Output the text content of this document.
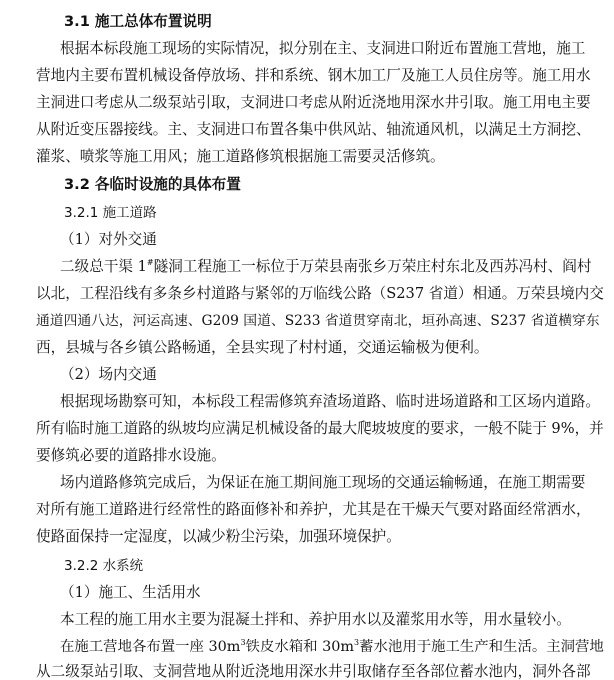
3.1 施工总体布置说明
根据本标段施工现场的实际情况，拟分别在主、支洞进口附近布置施工营地，施工
营地内主要布置机械设备停放场、拌和系统、钢木加工厂及施工人员住房等。施工用水
主洞进口考虑从二级泵站引取，支洞进口考虑从附近浇地用深水井引取。施工用电主要
从附近变压器接线。主、支洞进口布置各集中供风站、轴流通风机，以满足土方洞挖、
灌浆、喷浆等施工用风；施工道路修筑根据施工需要灵活修筑。
3.2 各临时设施的具体布置
3.2.1 施工道路
（1）对外交通
二级总干渠 1#隧洞工程施工一标位于万荣县南张乡万荣庄村东北及西苏冯村、阎村
以北，工程沿线有多条乡村道路与紧邻的万临线公路（S237 省道）相通。万荣县境内交
通道四通八达，河运高速、G209 国道、S233 省道贯穿南北，垣孙高速、S237 省道横穿东
西，县城与各乡镇公路畅通，全县实现了村村通，交通运输极为便利。
（2）场内交通
根据现场勘察可知，本标段工程需修筑弃渣场道路、临时进场道路和工区场内道路。
所有临时施工道路的纵坡均应满足机械设备的最大爬坡坡度的要求，一般不陡于 9%，并
要修筑必要的道路排水设施。
场内道路修筑完成后，为保证在施工期间施工现场的交通运输畅通，在施工期需要
对所有施工道路进行经常性的路面修补和养护，尤其是在干燥天气要对路面经常洒水，
使路面保持一定湿度，以减少粉尘污染，加强环境保护。
3.2.2 水系统
（1）施工、生活用水
本工程的施工用水主要为混凝土拌和、养护用水以及灌浆用水等，用水量较小。
在施工营地各布置一座 $30m^3$铁皮水箱和 $30m^3$蓄水池用于施工生产和生活。主洞营地
从二级泵站引取、支洞营地从附近浇地用深水井引取储存至各部位蓄水池内，洞外各部
